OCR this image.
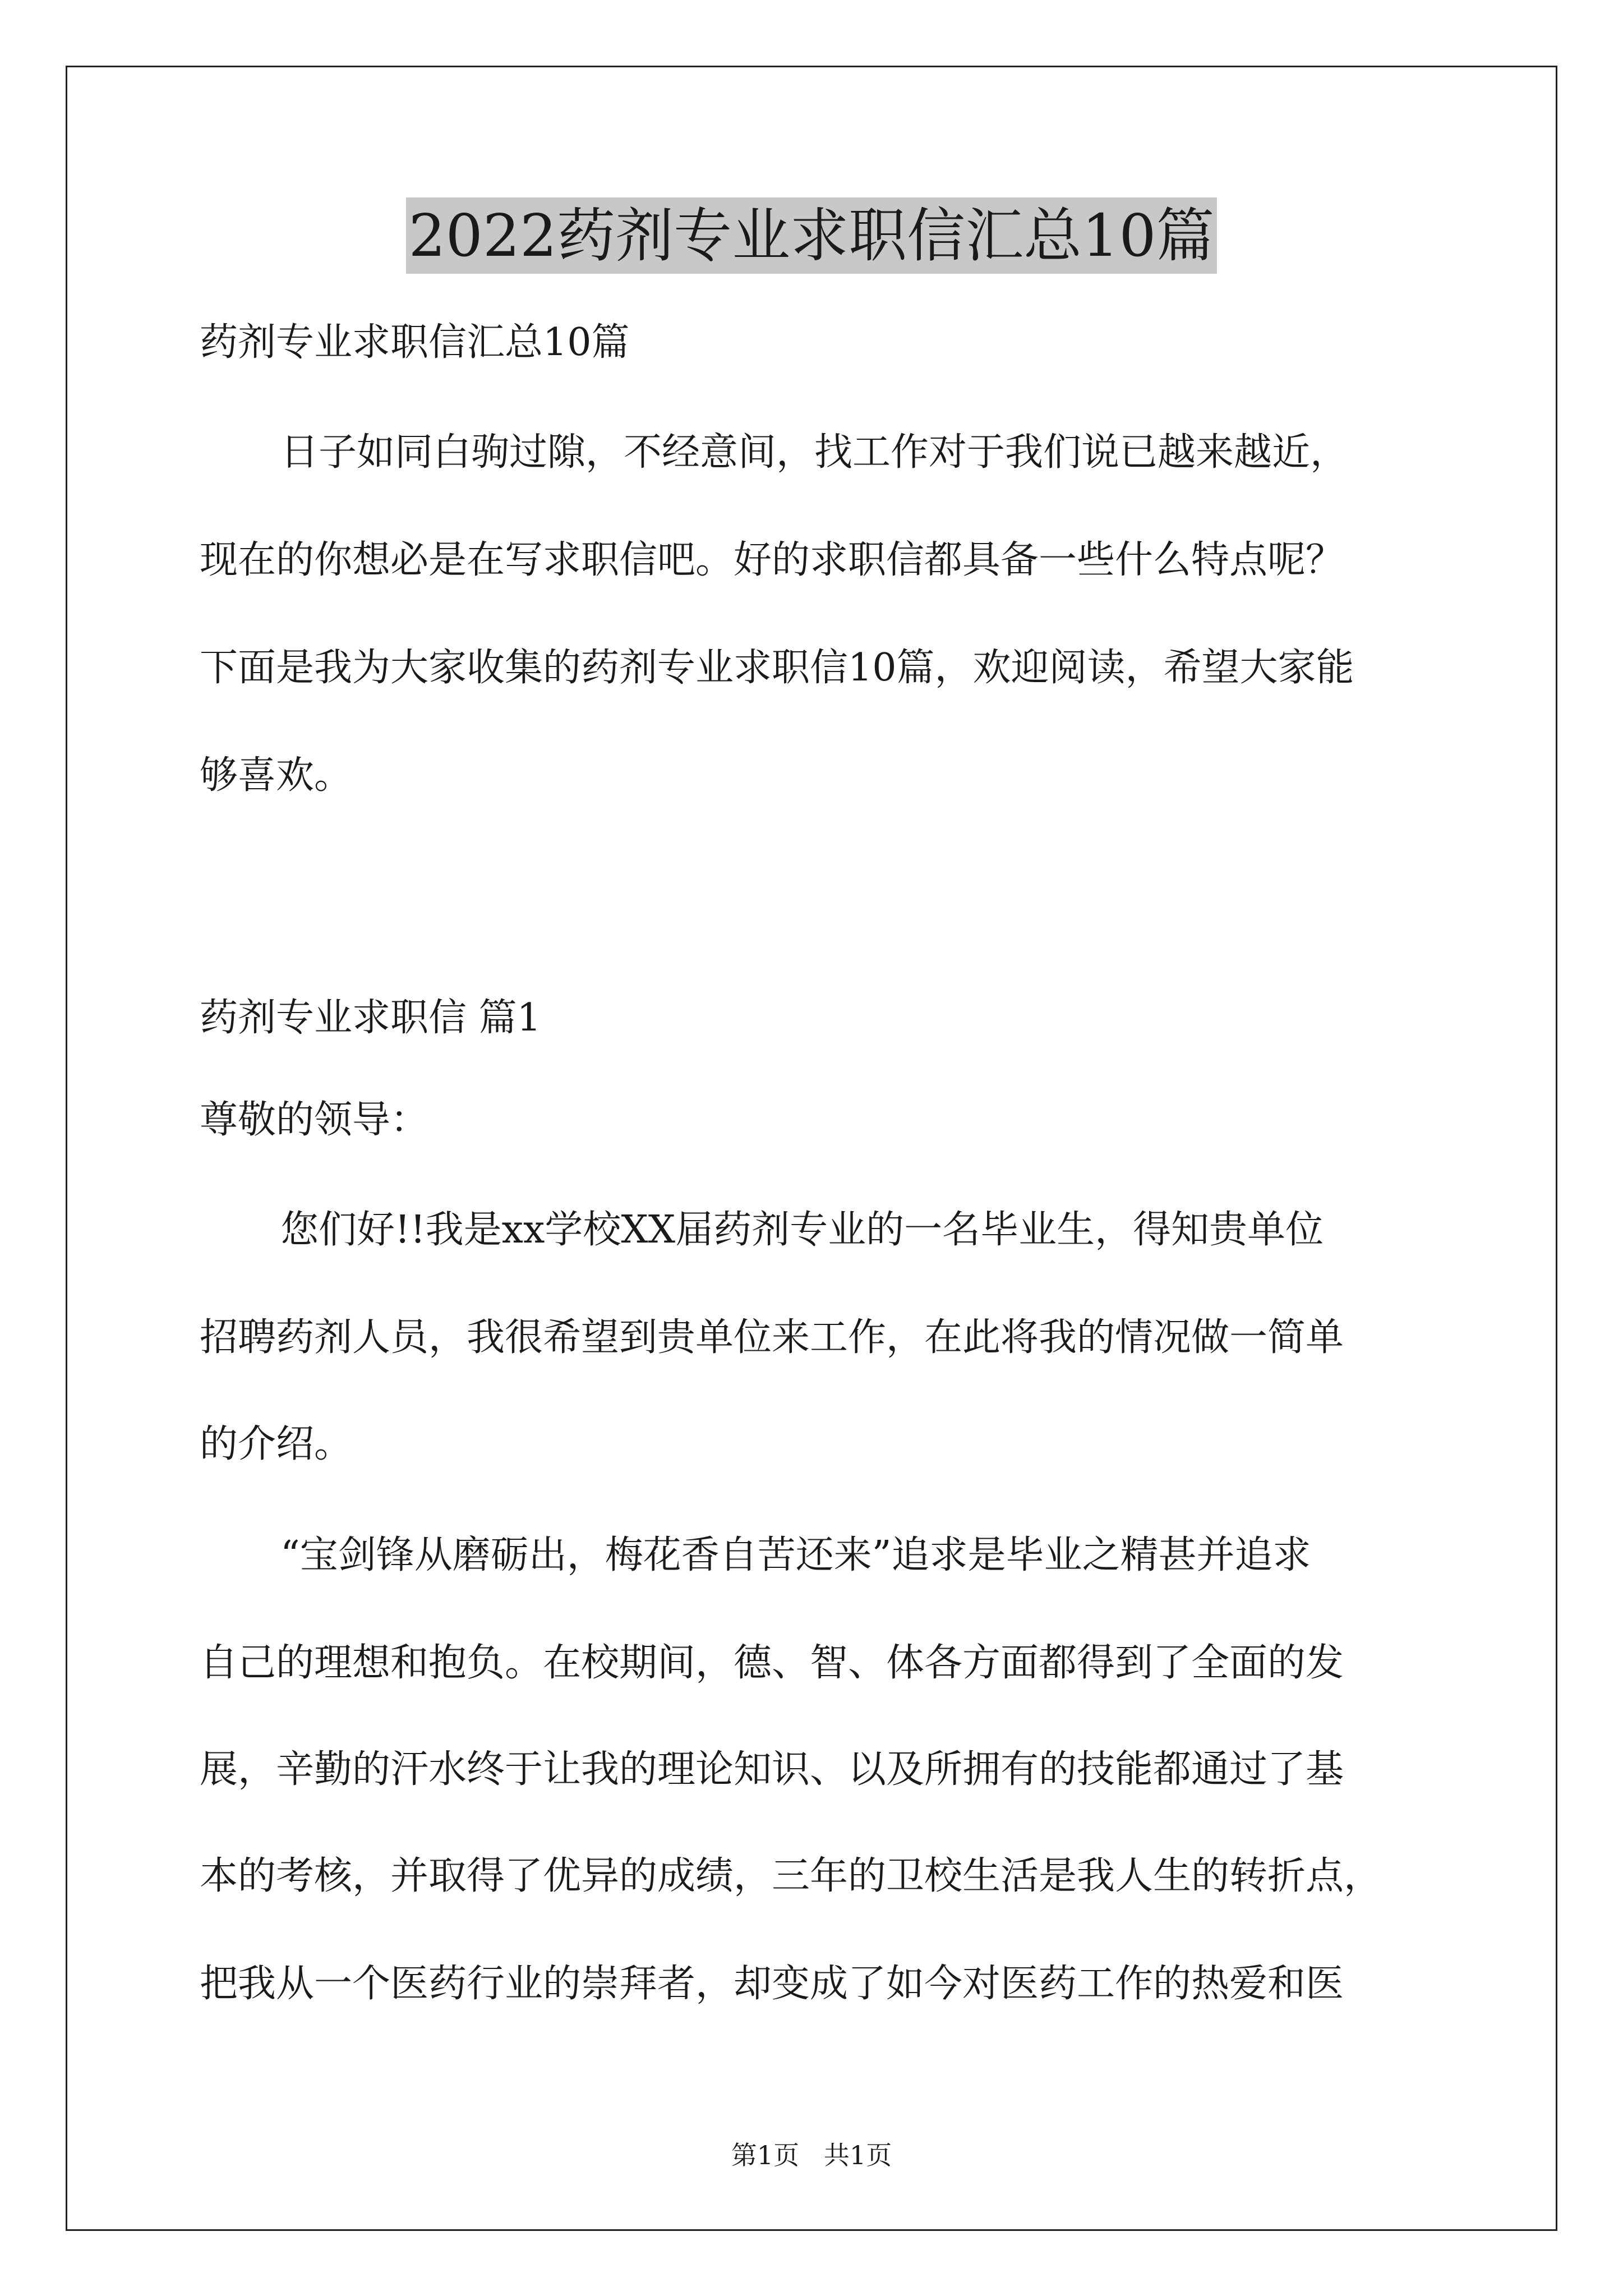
2022药剂专业求职信汇总10篇

药剂专业求职信汇总10篇

日子如同白驹过隙，不经意间，找工作对于我们说已越来越近，

现在的你想必是在写求职信吧。好的求职信都具备一些什么特点呢？

下面是我为大家收集的药剂专业求职信10篇，欢迎阅读，希望大家能

够喜欢。

药剂专业求职信 篇1

尊敬的领导：

您们好!!我是xx学校XX届药剂专业的一名毕业生，得知贵单位

招聘药剂人员，我很希望到贵单位来工作，在此将我的情况做一简单

的介绍。

“宝剑锋从磨砺出，梅花香自苦还来”追求是毕业之精甚并追求

自己的理想和抱负。在校期间，德、智、体各方面都得到了全面的发

展，辛勤的汗水终于让我的理论知识、以及所拥有的技能都通过了基

本的考核，并取得了优异的成绩，三年的卫校生活是我人生的转折点，

把我从一个医药行业的崇拜者，却变成了如今对医药工作的热爱和医

第1页   共1页
